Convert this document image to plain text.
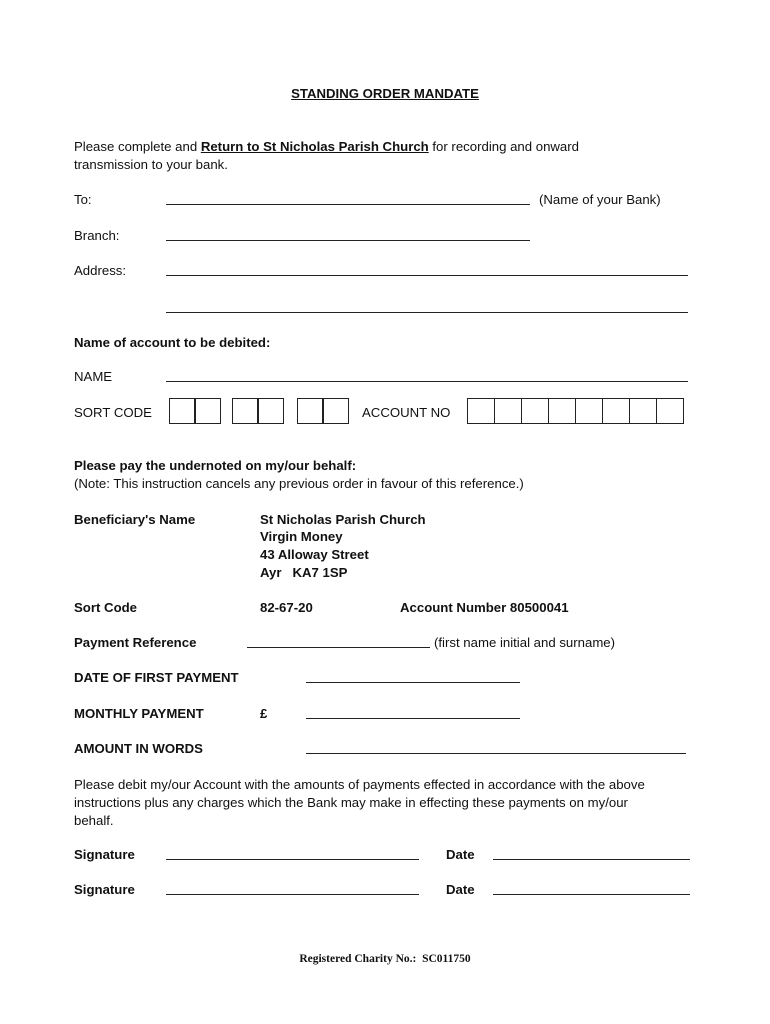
STANDING ORDER MANDATE
Please complete and Return to St Nicholas Parish Church for recording and onward
transmission to your bank.
To:	(Name of your Bank)
Branch:
Address:
Name of account to be debited:
NAME
SORT CODE	ACCOUNT NO
Please pay the undernoted on my/our behalf:
(Note: This instruction cancels any previous order in favour of this reference.)
Beneficiary's Name	St Nicholas Parish Church
Virgin Money
43 Alloway Street
Ayr   KA7 1SP
Sort Code	82-67-20	Account Number 80500041
Payment Reference	(first name initial and surname)
DATE OF FIRST PAYMENT
MONTHLY PAYMENT	£
AMOUNT IN WORDS
Please debit my/our Account with the amounts of payments effected in accordance with the above
instructions plus any charges which the Bank may make in effecting these payments on my/our
behalf.
Signature	Date
Signature	Date
Registered Charity No.:  SC011750
